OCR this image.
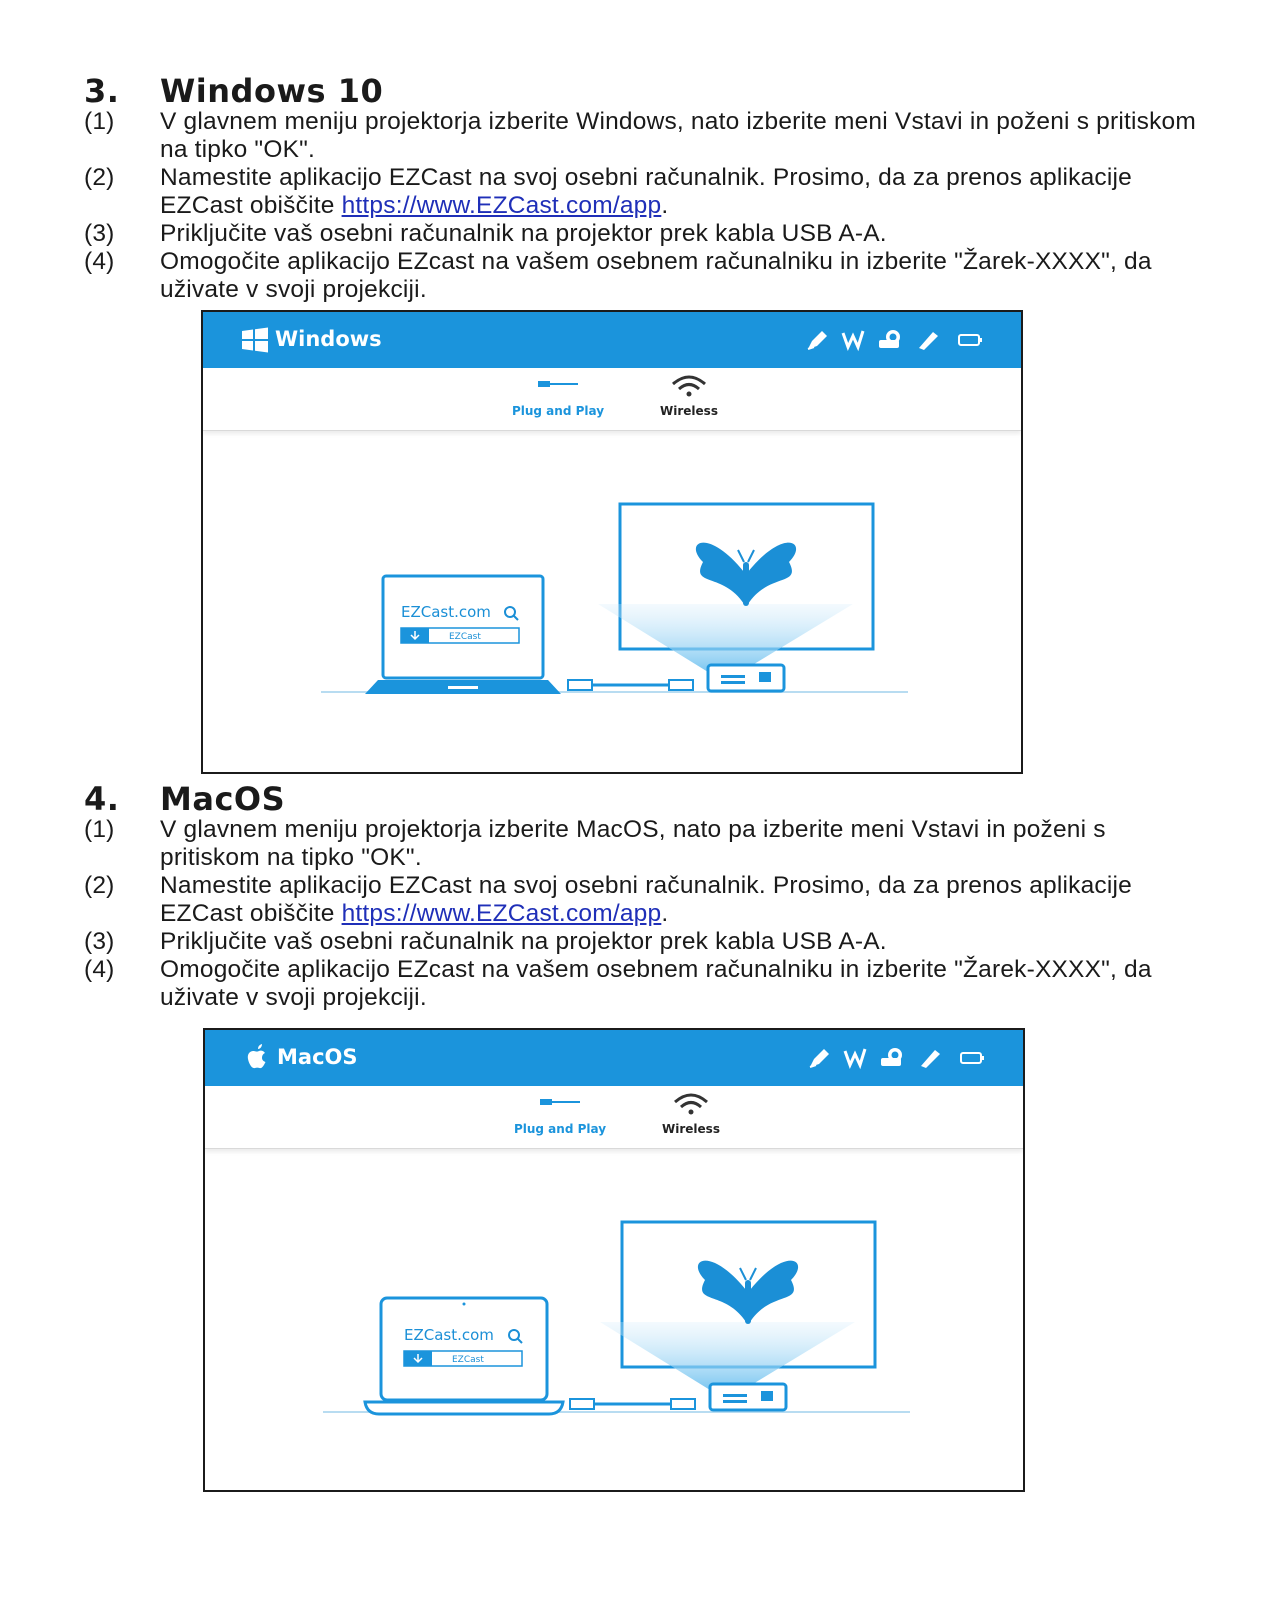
3. Windows 10
(1) V glavnem meniju projektorja izberite Windows, nato izberite meni Vstavi in poženi s pritiskom na tipko "OK".
(2) Namestite aplikacijo EZCast na svoj osebni računalnik. Prosimo, da za prenos aplikacije EZCast obiščite https://www.EZCast.com/app.
(3) Priključite vaš osebni računalnik na projektor prek kabla USB A-A.
(4) Omogočite aplikacijo EZcast na vašem osebnem računalniku in izberite "Žarek-XXXX", da uživate v svoji projekciji.
Windows
Plug and Play	Wireless
EZCast.com
EZCast
4. MacOS
(1) V glavnem meniju projektorja izberite MacOS, nato pa izberite meni Vstavi in poženi s pritiskom na tipko "OK".
(2) Namestite aplikacijo EZCast na svoj osebni računalnik. Prosimo, da za prenos aplikacije EZCast obiščite https://www.EZCast.com/app.
(3) Priključite vaš osebni računalnik na projektor prek kabla USB A-A.
(4) Omogočite aplikacijo EZcast na vašem osebnem računalniku in izberite "Žarek-XXXX", da uživate v svoji projekciji.
MacOS
Plug and Play	Wireless
EZCast.com
EZCast
